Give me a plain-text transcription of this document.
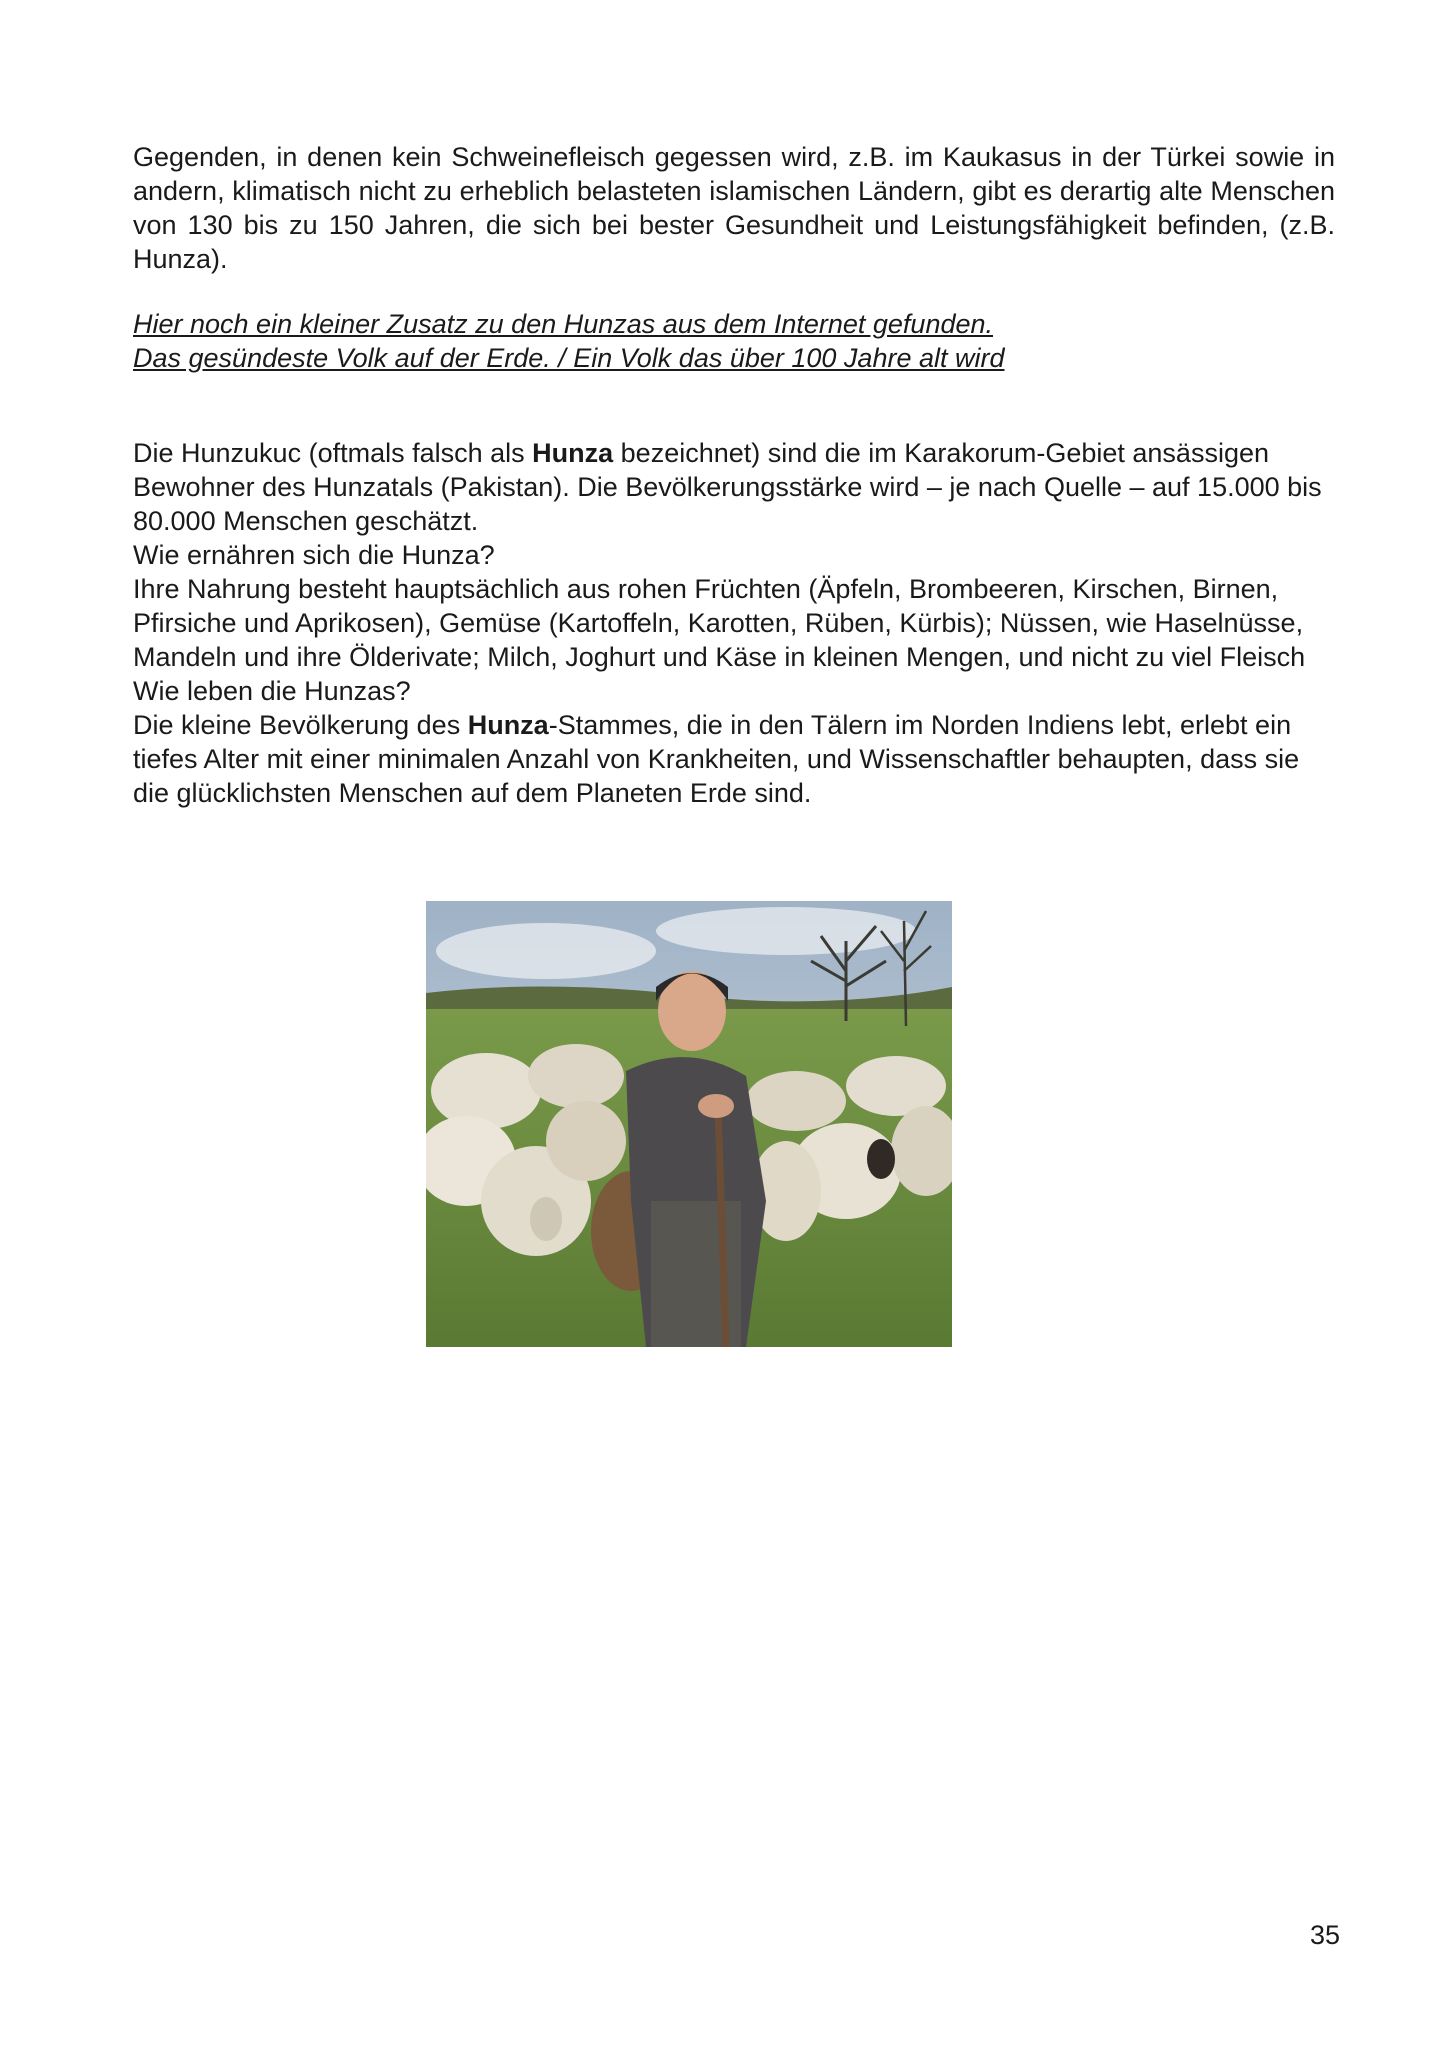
Gegenden, in denen kein Schweinefleisch gegessen wird, z.B. im Kaukasus in der Türkei sowie in andern, klimatisch nicht zu erheblich belasteten islamischen Ländern, gibt es derartig alte Menschen von 130 bis zu 150 Jahren, die sich bei bester Gesundheit und Leistungsfähigkeit befinden, (z.B. Hunza).

Hier noch ein kleiner Zusatz zu den Hunzas aus dem Internet gefunden.
Das gesündeste Volk auf der Erde. / Ein Volk das über 100 Jahre alt wird
Die Hunzukuc (oftmals falsch als Hunza bezeichnet) sind die im Karakorum-Gebiet ansässigen Bewohner des Hunzatals (Pakistan). Die Bevölkerungsstärke wird – je nach Quelle – auf 15.000 bis 80.000 Menschen geschätzt.
Wie ernähren sich die Hunza?
Ihre Nahrung besteht hauptsächlich aus rohen Früchten (Äpfeln, Brombeeren, Kirschen, Birnen, Pfirsiche und Aprikosen), Gemüse (Kartoffeln, Karotten, Rüben, Kürbis); Nüssen, wie Haselnüsse, Mandeln und ihre Ölderivate; Milch, Joghurt und Käse in kleinen Mengen, und nicht zu viel Fleisch
Wie leben die Hunzas?
Die kleine Bevölkerung des Hunza-Stammes, die in den Tälern im Norden Indiens lebt, erlebt ein tiefes Alter mit einer minimalen Anzahl von Krankheiten, und Wissenschaftler behaupten, dass sie die glücklichsten Menschen auf dem Planeten Erde sind.
35
